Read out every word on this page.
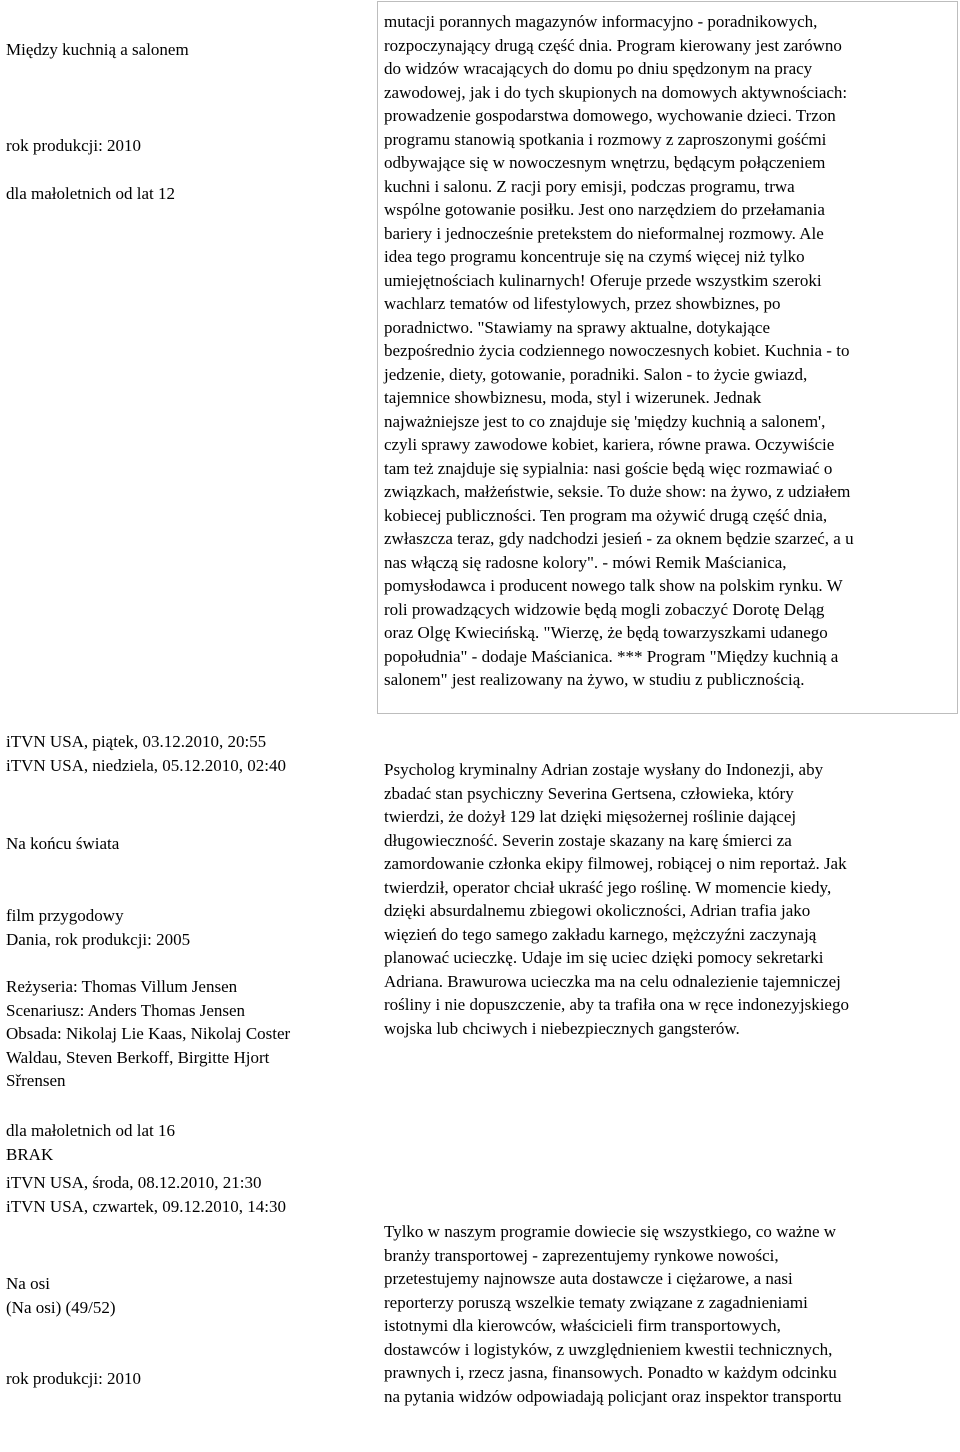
Między kuchnią a salonem
rok produkcji: 2010
dla małoletnich od lat 12

mutacji porannych magazynów informacyjno - poradnikowych,
rozpoczynający drugą część dnia. Program kierowany jest zarówno
do widzów wracających do domu po dniu spędzonym na pracy
zawodowej, jak i do tych skupionych na domowych aktywnościach:
prowadzenie gospodarstwa domowego, wychowanie dzieci. Trzon
programu stanowią spotkania i rozmowy z zaproszonymi gośćmi
odbywające się w nowoczesnym wnętrzu, będącym połączeniem
kuchni i salonu. Z racji pory emisji, podczas programu, trwa
wspólne gotowanie posiłku. Jest ono narzędziem do przełamania
bariery i jednocześnie pretekstem do nieformalnej rozmowy. Ale
idea tego programu koncentruje się na czymś więcej niż tylko
umiejętnościach kulinarnych! Oferuje przede wszystkim szeroki
wachlarz tematów od lifestylowych, przez showbiznes, po
poradnictwo. "Stawiamy na sprawy aktualne, dotykające
bezpośrednio życia codziennego nowoczesnych kobiet. Kuchnia - to
jedzenie, diety, gotowanie, poradniki. Salon - to życie gwiazd,
tajemnice showbiznesu, moda, styl i wizerunek. Jednak
najważniejsze jest to co znajduje się 'między kuchnią a salonem',
czyli sprawy zawodowe kobiet, kariera, równe prawa. Oczywiście
tam też znajduje się sypialnia: nasi goście będą więc rozmawiać o
związkach, małżeństwie, seksie. To duże show: na żywo, z udziałem
kobiecej publiczności. Ten program ma ożywić drugą część dnia,
zwłaszcza teraz, gdy nadchodzi jesień - za oknem będzie szarzeć, a u
nas włączą się radosne kolory". - mówi Remik Maścianica,
pomysłodawca i producent nowego talk show na polskim rynku. W
roli prowadzących widzowie będą mogli zobaczyć Dorotę Deląg
oraz Olgę Kwiecińską. "Wierzę, że będą towarzyszkami udanego
popołudnia" - dodaje Maścianica. *** Program "Między kuchnią a
salonem" jest realizowany na żywo, w studiu z publicznością.

iTVN USA, piątek, 03.12.2010, 20:55
iTVN USA, niedziela, 05.12.2010, 02:40
Na końcu świata
film przygodowy
Dania, rok produkcji: 2005
Reżyseria: Thomas Villum Jensen
Scenariusz: Anders Thomas Jensen
Obsada: Nikolaj Lie Kaas, Nikolaj Coster
Waldau, Steven Berkoff, Birgitte Hjort
Sřrensen

Psycholog kryminalny Adrian zostaje wysłany do Indonezji, aby
zbadać stan psychiczny Severina Gertsena, człowieka, który
twierdzi, że dożył 129 lat dzięki mięsożernej roślinie dającej
długowieczność. Severin zostaje skazany na karę śmierci za
zamordowanie członka ekipy filmowej, robiącej o nim reportaż. Jak
twierdził, operator chciał ukraść jego roślinę. W momencie kiedy,
dzięki absurdalnemu zbiegowi okoliczności, Adrian trafia jako
więzień do tego samego zakładu karnego, mężczyźni zaczynają
planować ucieczkę. Udaje im się uciec dzięki pomocy sekretarki
Adriana. Brawurowa ucieczka ma na celu odnalezienie tajemniczej
rośliny i nie dopuszczenie, aby ta trafiła ona w ręce indonezyjskiego
wojska lub chciwych i niebezpiecznych gangsterów.

dla małoletnich od lat 16
BRAK
iTVN USA, środa, 08.12.2010, 21:30
iTVN USA, czwartek, 09.12.2010, 14:30
Na osi
(Na osi) (49/52)
rok produkcji: 2010

Tylko w naszym programie dowiecie się wszystkiego, co ważne w
branży transportowej - zaprezentujemy rynkowe nowości,
przetestujemy najnowsze auta dostawcze i ciężarowe, a nasi
reporterzy poruszą wszelkie tematy związane z zagadnieniami
istotnymi dla kierowców, właścicieli firm transportowych,
dostawców i logistyków, z uwzględnieniem kwestii technicznych,
prawnych i, rzecz jasna, finansowych. Ponadto w każdym odcinku
na pytania widzów odpowiadają policjant oraz inspektor transportu
